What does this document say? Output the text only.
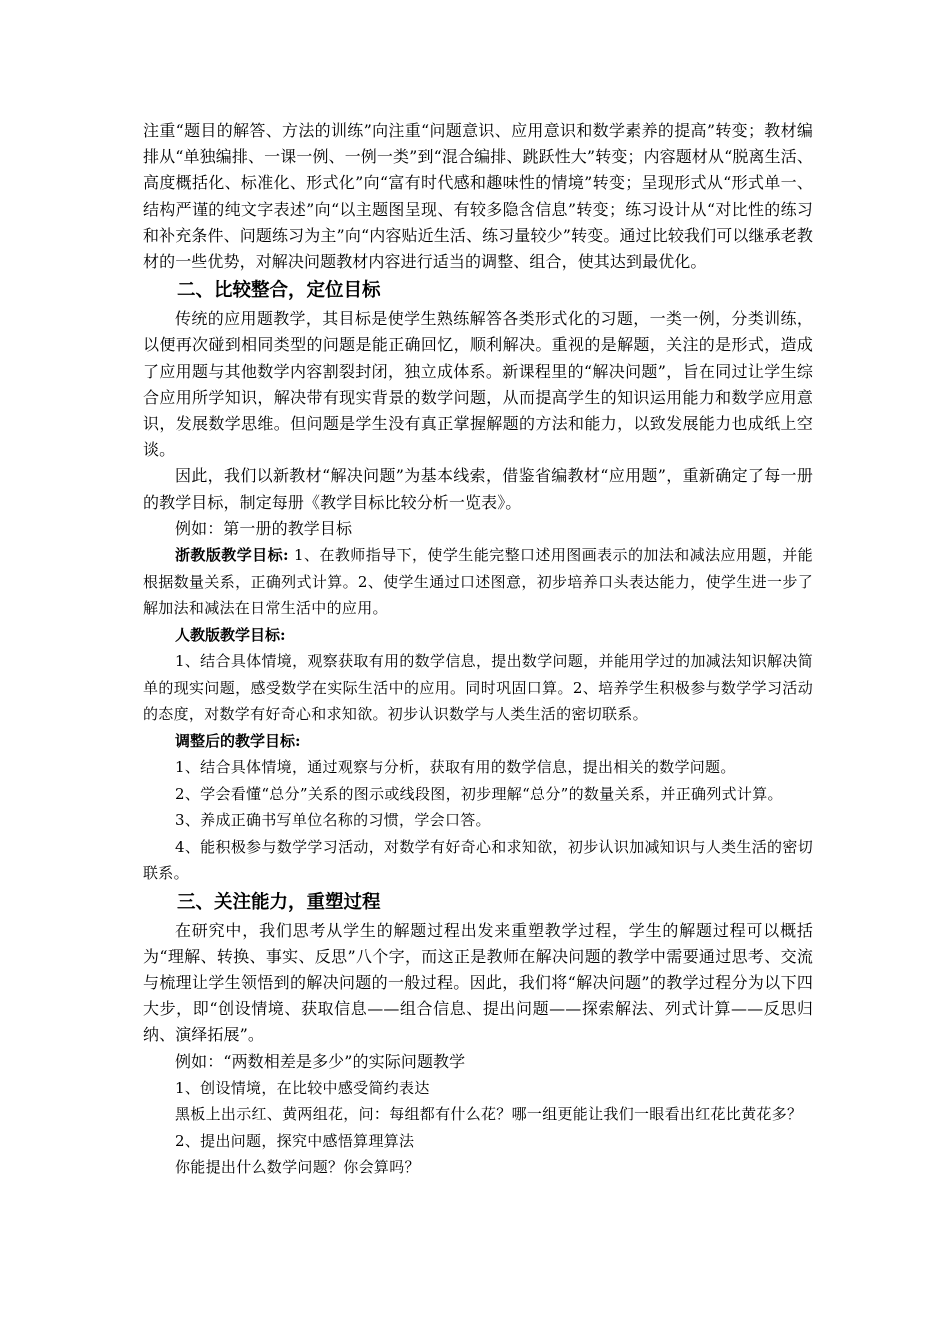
注重“题目的解答、方法的训练”向注重“问题意识、应用意识和数学素养的提高”转变；教材编排从“单独编排、一课一例、一例一类”到“混合编排、跳跃性大”转变；内容题材从“脱离生活、高度概括化、标准化、形式化”向“富有时代感和趣味性的情境”转变；呈现形式从“形式单一、结构严谨的纯文字表述”向“以主题图呈现、有较多隐含信息”转变；练习设计从“对比性的练习和补充条件、问题练习为主”向“内容贴近生活、练习量较少”转变。通过比较我们可以继承老教材的一些优势，对解决问题教材内容进行适当的调整、组合，使其达到最优化。

二、比较整合，定位目标

传统的应用题教学，其目标是使学生熟练解答各类形式化的习题，一类一例，分类训练，以便再次碰到相同类型的问题是能正确回忆，顺利解决。重视的是解题，关注的是形式，造成了应用题与其他数学内容割裂封闭，独立成体系。新课程里的“解决问题”，旨在同过让学生综合应用所学知识，解决带有现实背景的数学问题，从而提高学生的知识运用能力和数学应用意识，发展数学思维。但问题是学生没有真正掌握解题的方法和能力，以致发展能力也成纸上空谈。

因此，我们以新教材“解决问题”为基本线索，借鉴省编教材“应用题”，重新确定了每一册的教学目标，制定每册《教学目标比较分析一览表》。

例如：第一册的教学目标

浙教版教学目标: 1、在教师指导下，使学生能完整口述用图画表示的加法和减法应用题，并能根据数量关系，正确列式计算。2、使学生通过口述图意，初步培养口头表达能力，使学生进一步了解加法和减法在日常生活中的应用。

人教版教学目标:

1、结合具体情境，观察获取有用的数学信息，提出数学问题，并能用学过的加减法知识解决简单的现实问题，感受数学在实际生活中的应用。同时巩固口算。2、培养学生积极参与数学学习活动的态度，对数学有好奇心和求知欲。初步认识数学与人类生活的密切联系。

调整后的教学目标:

1、结合具体情境，通过观察与分析，获取有用的数学信息，提出相关的数学问题。

2、学会看懂“总分”关系的图示或线段图，初步理解“总分”的数量关系，并正确列式计算。

3、养成正确书写单位名称的习惯，学会口答。

4、能积极参与数学学习活动，对数学有好奇心和求知欲，初步认识加减知识与人类生活的密切联系。

三、关注能力，重塑过程

在研究中，我们思考从学生的解题过程出发来重塑教学过程，学生的解题过程可以概括为“理解、转换、事实、反思”八个字，而这正是教师在解决问题的教学中需要通过思考、交流与梳理让学生领悟到的解决问题的一般过程。因此，我们将“解决问题”的教学过程分为以下四大步，即“创设情境、获取信息——组合信息、提出问题——探索解法、列式计算——反思归纳、演绎拓展”。

例如：“两数相差是多少”的实际问题教学

1、创设情境，在比较中感受简约表达

黑板上出示红、黄两组花，问：每组都有什么花？哪一组更能让我们一眼看出红花比黄花多？

2、提出问题，探究中感悟算理算法

你能提出什么数学问题？你会算吗？
